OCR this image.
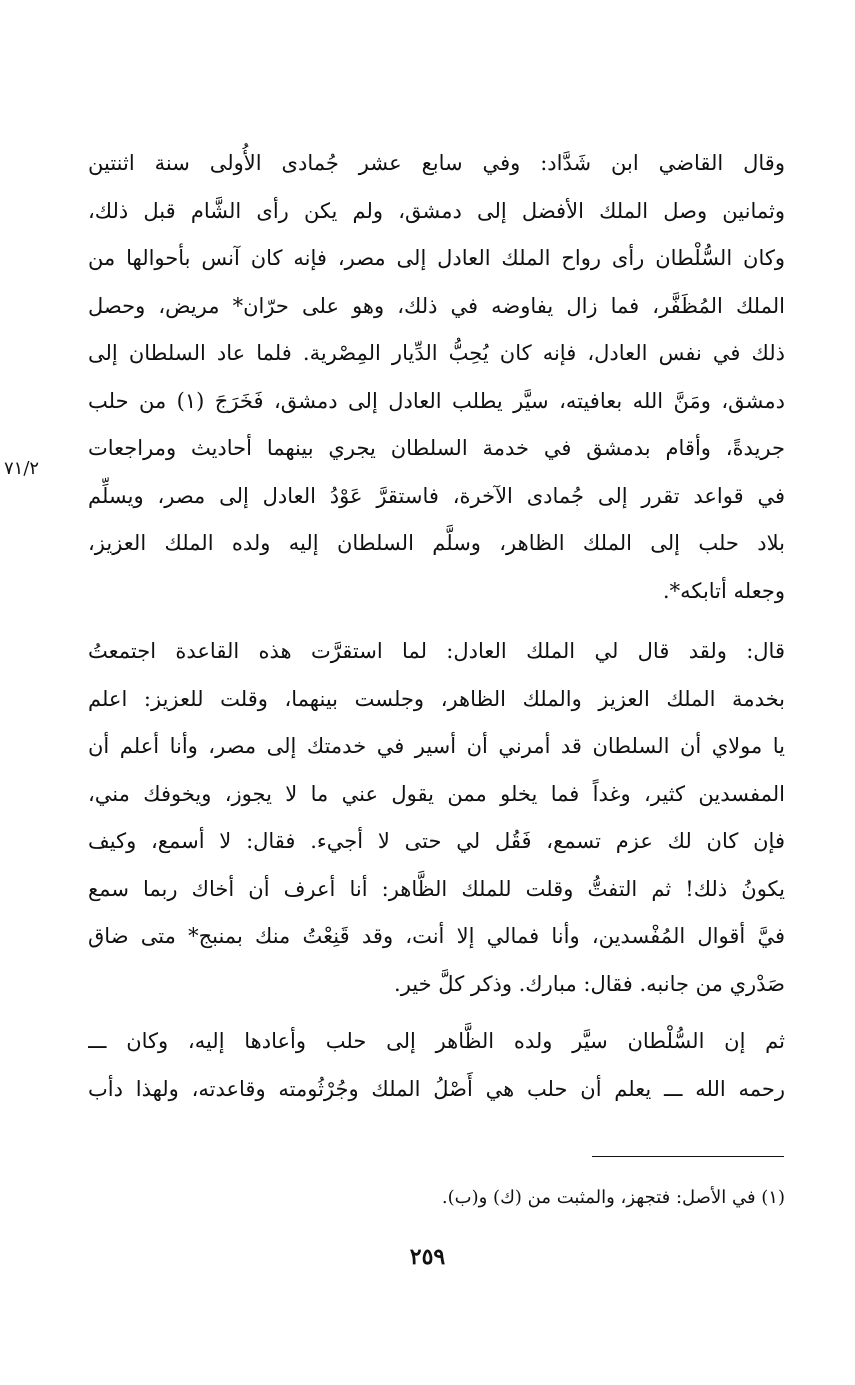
وقال القاضي ابن شَدَّاد: وفي سابع عشر جُمادى الأُولى سنة اثنتين
وثمانين وصل الملك الأفضل إلى دمشق، ولم يكن رأى الشَّام قبل ذلك،
وكان السُّلْطان رأى رواح الملك العادل إلى مصر، فإنه كان آنس بأحوالها من
الملك المُظَفَّر، فما زال يفاوضه في ذلك، وهو على حرّان* مريض، وحصل
ذلك في نفس العادل، فإنه كان يُحِبُّ الدِّيار المِصْرية. فلما عاد السلطان إلى
دمشق، ومَنَّ الله بعافيته، سيَّر يطلب العادل إلى دمشق، فَخَرَجَ (١) من حلب
جريدةً، وأقام بدمشق في خدمة السلطان يجري بينهما أحاديث ومراجعات
في قواعد تقرر إلى جُمادى الآخرة، فاستقرَّ عَوْدُ العادل إلى مصر، ويسلِّم
بلاد حلب إلى الملك الظاهر، وسلَّم السلطان إليه ولده الملك العزيز،
وجعله أتابكه*.
٧١/٢
قال: ولقد قال لي الملك العادل: لما استقرَّت هذه القاعدة اجتمعتُ
بخدمة الملك العزيز والملك الظاهر، وجلست بينهما، وقلت للعزيز: اعلم
يا مولاي أن السلطان قد أمرني أن أسير في خدمتك إلى مصر، وأنا أعلم أن
المفسدين كثير، وغداً فما يخلو ممن يقول عني ما لا يجوز، ويخوفك مني،
فإن كان لك عزم تسمع، فَقُل لي حتى لا أجيء. فقال: لا أسمع، وكيف
يكونُ ذلك! ثم التفتُّ وقلت للملك الظَّاهر: أنا أعرف أن أخاك ربما سمع
فيَّ أقوال المُفْسدين، وأنا فمالي إلا أنت، وقد قَنِعْتُ منك بمنبج* متى ضاق
صَدْري من جانبه. فقال: مبارك. وذكر كلَّ خير.
ثم إن السُّلْطان سيَّر ولده الظَّاهر إلى حلب وأعادها إليه، وكان ـــ
رحمه الله ـــ يعلم أن حلب هي أَصْلُ الملك وجُرْثُومته وقاعدته، ولهذا دأب
(١) في الأصل: فتجهز، والمثبت من (ك) و(ب).
٢٥٩
